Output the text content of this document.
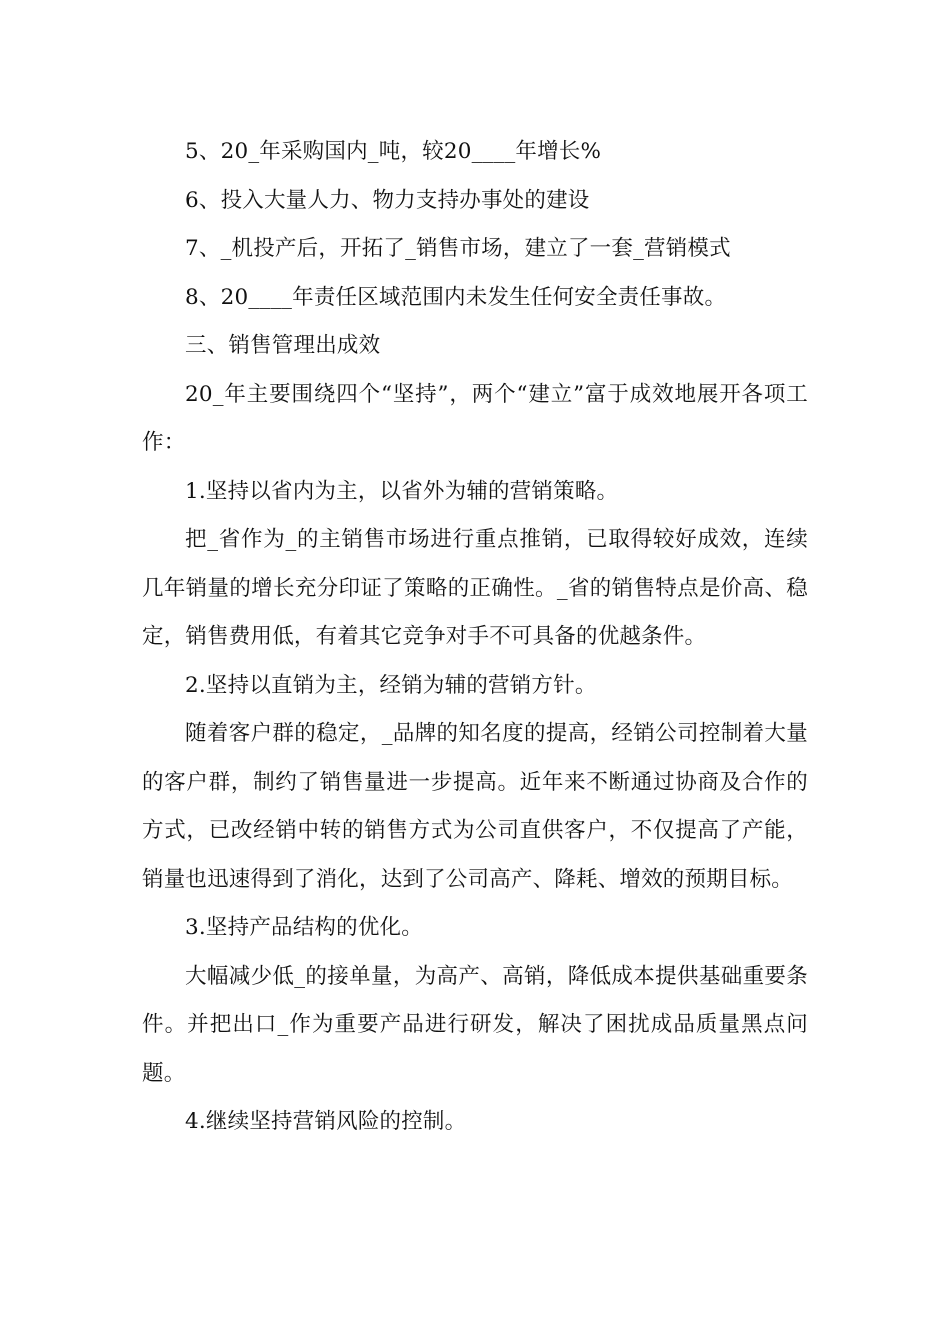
5、20_年采购国内_吨，较20____年增长%

6、投入大量人力、物力支持办事处的建设

7、_机投产后，开拓了_销售市场，建立了一套_营销模式

8、20____年责任区域范围内未发生任何安全责任事故。

三、销售管理出成效

20_年主要围绕四个“坚持”，两个“建立”富于成效地展开各项工作：

1.坚持以省内为主，以省外为辅的营销策略。

把_省作为_的主销售市场进行重点推销，已取得较好成效，连续几年销量的增长充分印证了策略的正确性。_省的销售特点是价高、稳定，销售费用低，有着其它竞争对手不可具备的优越条件。

2.坚持以直销为主，经销为辅的营销方针。

随着客户群的稳定，_品牌的知名度的提高，经销公司控制着大量的客户群，制约了销售量进一步提高。近年来不断通过协商及合作的方式，已改经销中转的销售方式为公司直供客户，不仅提高了产能，销量也迅速得到了消化，达到了公司高产、降耗、增效的预期目标。

3.坚持产品结构的优化。

大幅减少低_的接单量，为高产、高销，降低成本提供基础重要条件。并把出口_作为重要产品进行研发，解决了困扰成品质量黑点问题。

4.继续坚持营销风险的控制。
